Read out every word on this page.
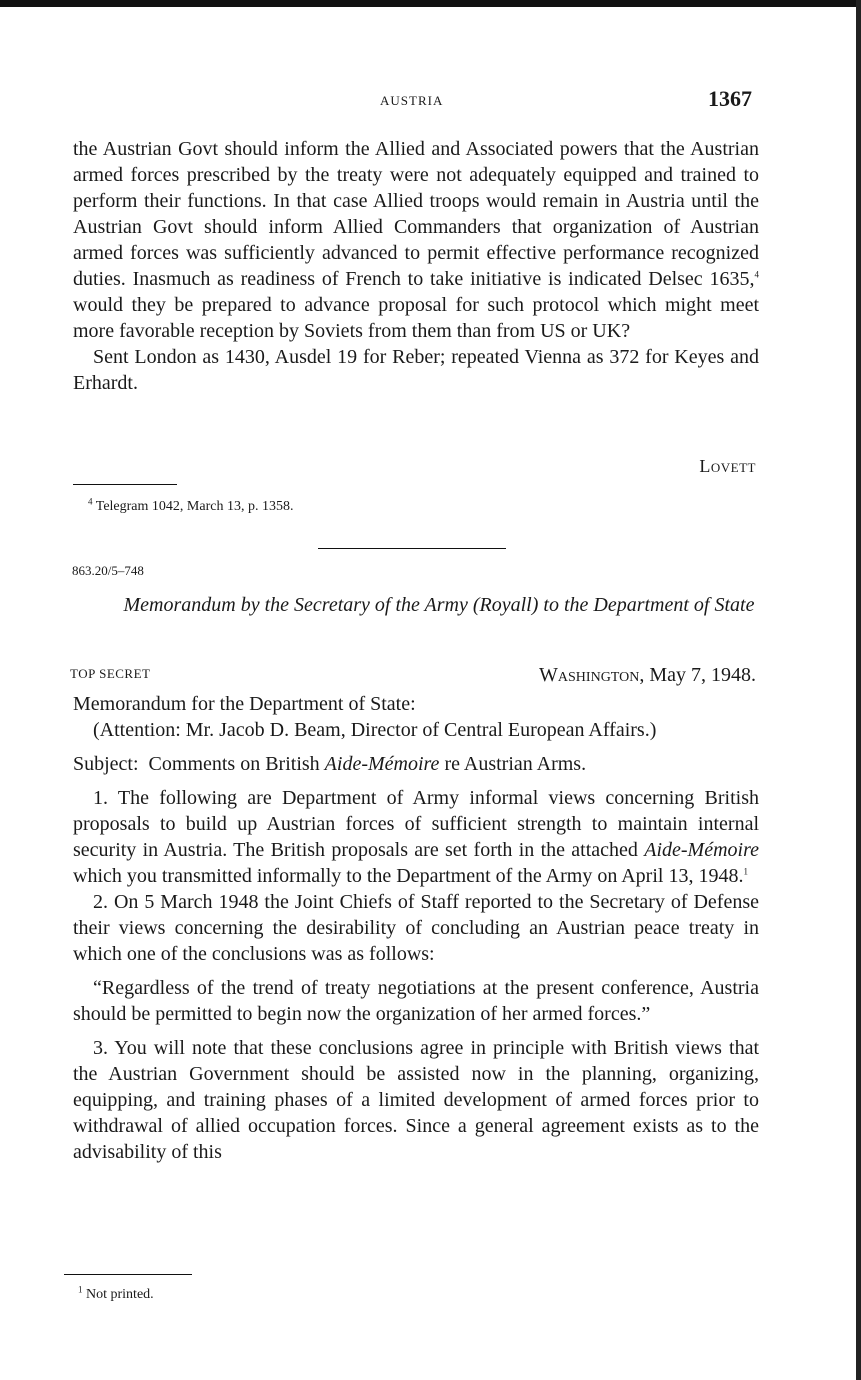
AUSTRIA	1367

the Austrian Govt should inform the Allied and Associated powers that the Austrian armed forces prescribed by the treaty were not adequately equipped and trained to perform their functions. In that case Allied troops would remain in Austria until the Austrian Govt should inform Allied Commanders that organization of Austrian armed forces was sufficiently advanced to permit effective performance recognized duties. Inasmuch as readiness of French to take initiative is indicated Delsec 1635,$^4$ would they be prepared to advance proposal for such protocol which might meet more favorable reception by Soviets from them than from US or UK?

Sent London as 1430, Ausdel 19 for Reber; repeated Vienna as 372 for Keyes and Erhardt.

Lovett
$^4$ Telegram 1042, March 13, p. 1358.
863.20/5–748
Memorandum by the Secretary of the Army (Royall) to the Department of State
TOP SECRET	Washington, May 7, 1948.

Memorandum for the Department of State:

(Attention: Mr. Jacob D. Beam, Director of Central European Affairs.)

Subject: Comments on British Aide-Mémoire re Austrian Arms.

1. The following are Department of Army informal views concerning British proposals to build up Austrian forces of sufficient strength to maintain internal security in Austria. The British proposals are set forth in the attached Aide-Mémoire which you transmitted informally to the Department of the Army on April 13, 1948.$^1$

2. On 5 March 1948 the Joint Chiefs of Staff reported to the Secretary of Defense their views concerning the desirability of concluding an Austrian peace treaty in which one of the conclusions was as follows:

“Regardless of the trend of treaty negotiations at the present conference, Austria should be permitted to begin now the organization of her armed forces.”

3. You will note that these conclusions agree in principle with British views that the Austrian Government should be assisted now in the planning, organizing, equipping, and training phases of a limited development of armed forces prior to withdrawal of allied occupation forces. Since a general agreement exists as to the advisability of this

$^1$ Not printed.
